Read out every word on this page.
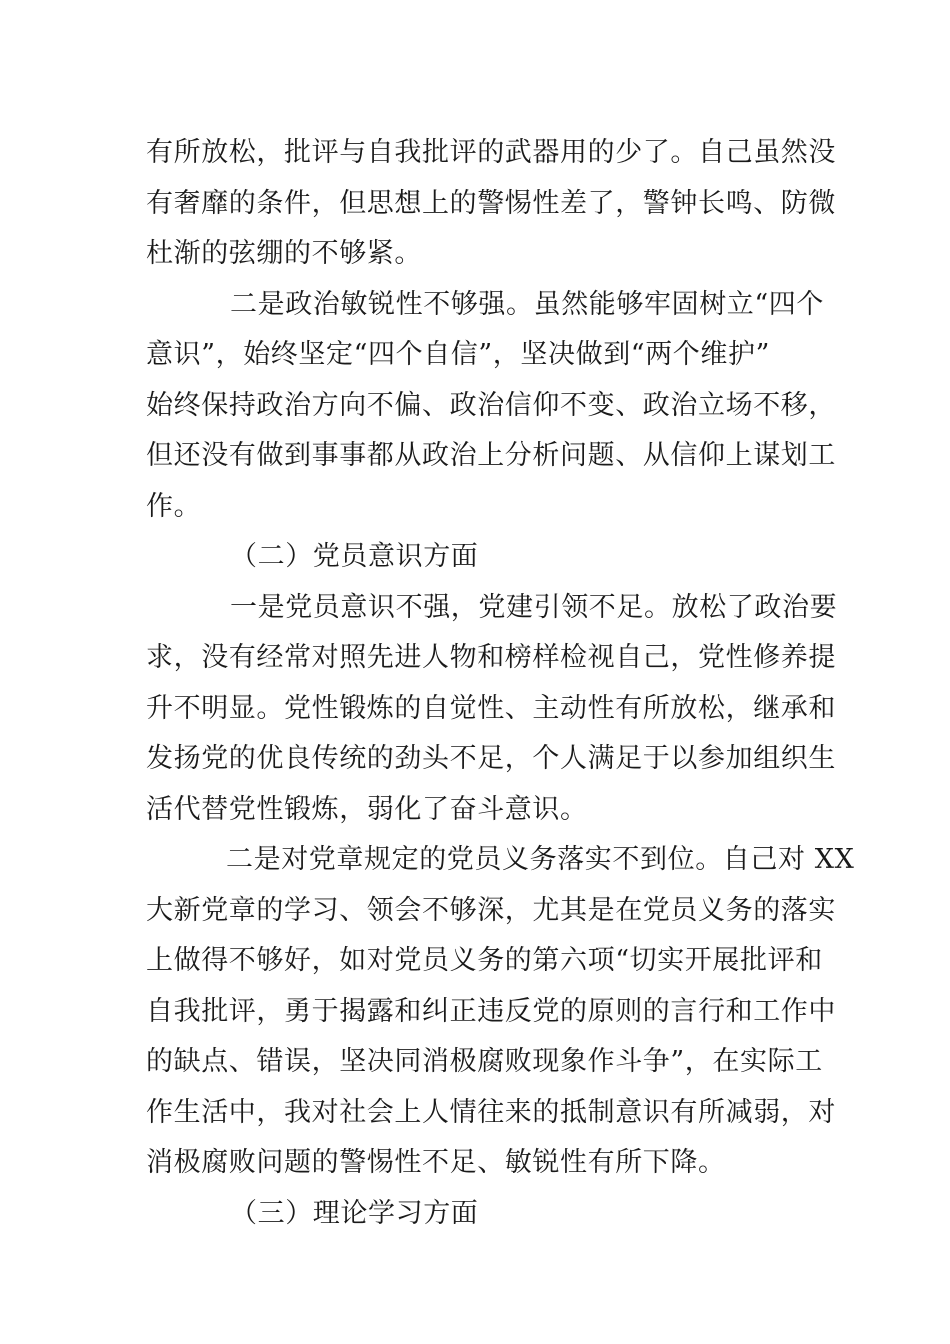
有所放松，批评与自我批评的武器用的少了。自己虽然没
有奢靡的条件，但思想上的警惕性差了，警钟长鸣、防微
杜渐的弦绷的不够紧。

二是政治敏锐性不够强。虽然能够牢固树立“四个
意识”，始终坚定“四个自信”，坚决做到“两个维护”
始终保持政治方向不偏、政治信仰不变、政治立场不移，
但还没有做到事事都从政治上分析问题、从信仰上谋划工
作。

（二）党员意识方面

一是党员意识不强，党建引领不足。放松了政治要
求，没有经常对照先进人物和榜样检视自己，党性修养提
升不明显。党性锻炼的自觉性、主动性有所放松，继承和
发扬党的优良传统的劲头不足，个人满足于以参加组织生
活代替党性锻炼，弱化了奋斗意识。

二是对党章规定的党员义务落实不到位。自己对 XX
大新党章的学习、领会不够深，尤其是在党员义务的落实
上做得不够好，如对党员义务的第六项“切实开展批评和
自我批评，勇于揭露和纠正违反党的原则的言行和工作中
的缺点、错误，坚决同消极腐败现象作斗争”，在实际工
作生活中，我对社会上人情往来的抵制意识有所减弱，对
消极腐败问题的警惕性不足、敏锐性有所下降。

（三）理论学习方面
